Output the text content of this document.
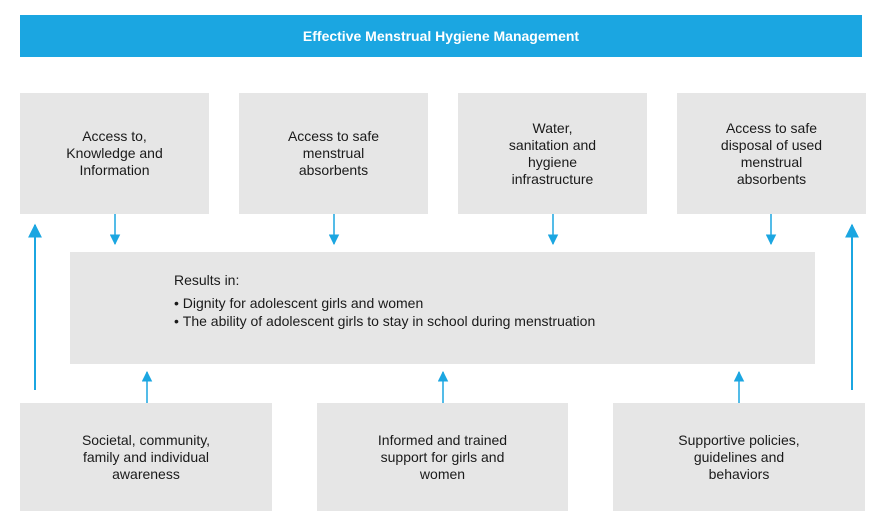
Effective Menstrual Hygiene Management
Access to,
Knowledge and
Information
Access to safe
menstrual
absorbents
Water,
sanitation and
hygiene
infrastructure
Access to safe
disposal of used
menstrual
absorbents
Results in:
• Dignity for adolescent girls and women
• The ability of adolescent girls to stay in school during menstruation
Societal, community,
family and individual
awareness
Informed and trained
support for girls and
women
Supportive policies,
guidelines and
behaviors
